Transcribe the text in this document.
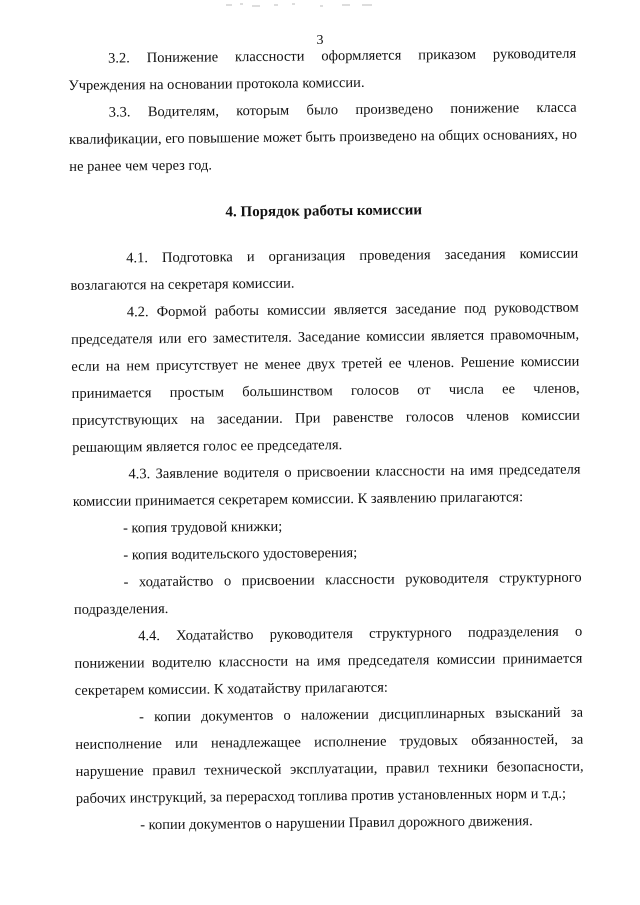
3

3.2. Понижение классности оформляется приказом руководителя Учреждения на основании протокола комиссии.

3.3. Водителям, которым было произведено понижение класса квалификации, его повышение может быть произведено на общих основаниях, но не ранее чем через год.

4. Порядок работы комиссии

4.1. Подготовка и организация проведения заседания комиссии возлагаются на секретаря комиссии.

4.2. Формой работы комиссии является заседание под руководством председателя или его заместителя. Заседание комиссии является правомочным, если на нем присутствует не менее двух третей ее членов. Решение комиссии принимается простым большинством голосов от числа ее членов, присутствующих на заседании. При равенстве голосов членов комиссии решающим является голос ее председателя.

4.3. Заявление водителя о присвоении классности на имя председателя комиссии принимается секретарем комиссии. К заявлению прилагаются:

- копия трудовой книжки;

- копия водительского удостоверения;

- ходатайство о присвоении классности руководителя структурного подразделения.

4.4. Ходатайство руководителя структурного подразделения о понижении водителю классности на имя председателя комиссии принимается секретарем комиссии. К ходатайству прилагаются:

- копии документов о наложении дисциплинарных взысканий за неисполнение или ненадлежащее исполнение трудовых обязанностей, за нарушение правил технической эксплуатации, правил техники безопасности, рабочих инструкций, за перерасход топлива против установленных норм и т.д.;

- копии документов о нарушении Правил дорожного движения.
